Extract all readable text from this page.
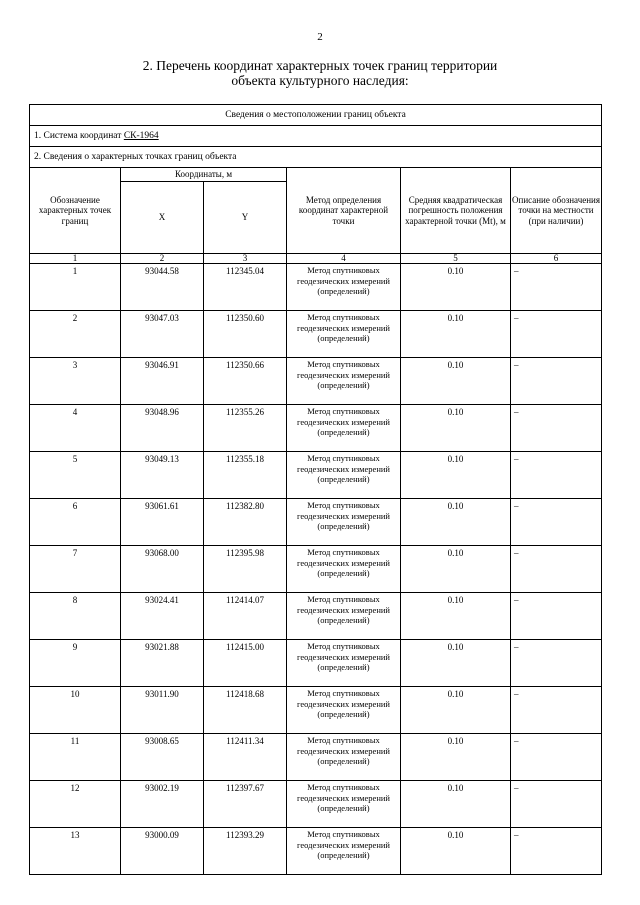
2
2. Перечень координат характерных точек границ территории
объекта культурного наследия:
Сведения о местоположении границ объекта					
1. Система координат СК-1964					
2. Сведения о характерных точках границ объекта					
Обозначение характерных точек границ	Координаты, м		Метод определения координат характерной точки	Средняя квадратическая погрешность положения характерной точки (Mt), м	Описание обозначения точки на местности (при наличии)
	X	Y			
1	2	3	4	5	6
1	93044.58	112345.04	Метод спутниковых геодезических измерений (определений)	0.10	–
2	93047.03	112350.60	Метод спутниковых геодезических измерений (определений)	0.10	–
3	93046.91	112350.66	Метод спутниковых геодезических измерений (определений)	0.10	–
4	93048.96	112355.26	Метод спутниковых геодезических измерений (определений)	0.10	–
5	93049.13	112355.18	Метод спутниковых геодезических измерений (определений)	0.10	–
6	93061.61	112382.80	Метод спутниковых геодезических измерений (определений)	0.10	–
7	93068.00	112395.98	Метод спутниковых геодезических измерений (определений)	0.10	–
8	93024.41	112414.07	Метод спутниковых геодезических измерений (определений)	0.10	–
9	93021.88	112415.00	Метод спутниковых геодезических измерений (определений)	0.10	–
10	93011.90	112418.68	Метод спутниковых геодезических измерений (определений)	0.10	–
11	93008.65	112411.34	Метод спутниковых геодезических измерений (определений)	0.10	–
12	93002.19	112397.67	Метод спутниковых геодезических измерений (определений)	0.10	–
13	93000.09	112393.29	Метод спутниковых геодезических измерений (определений)	0.10	–
